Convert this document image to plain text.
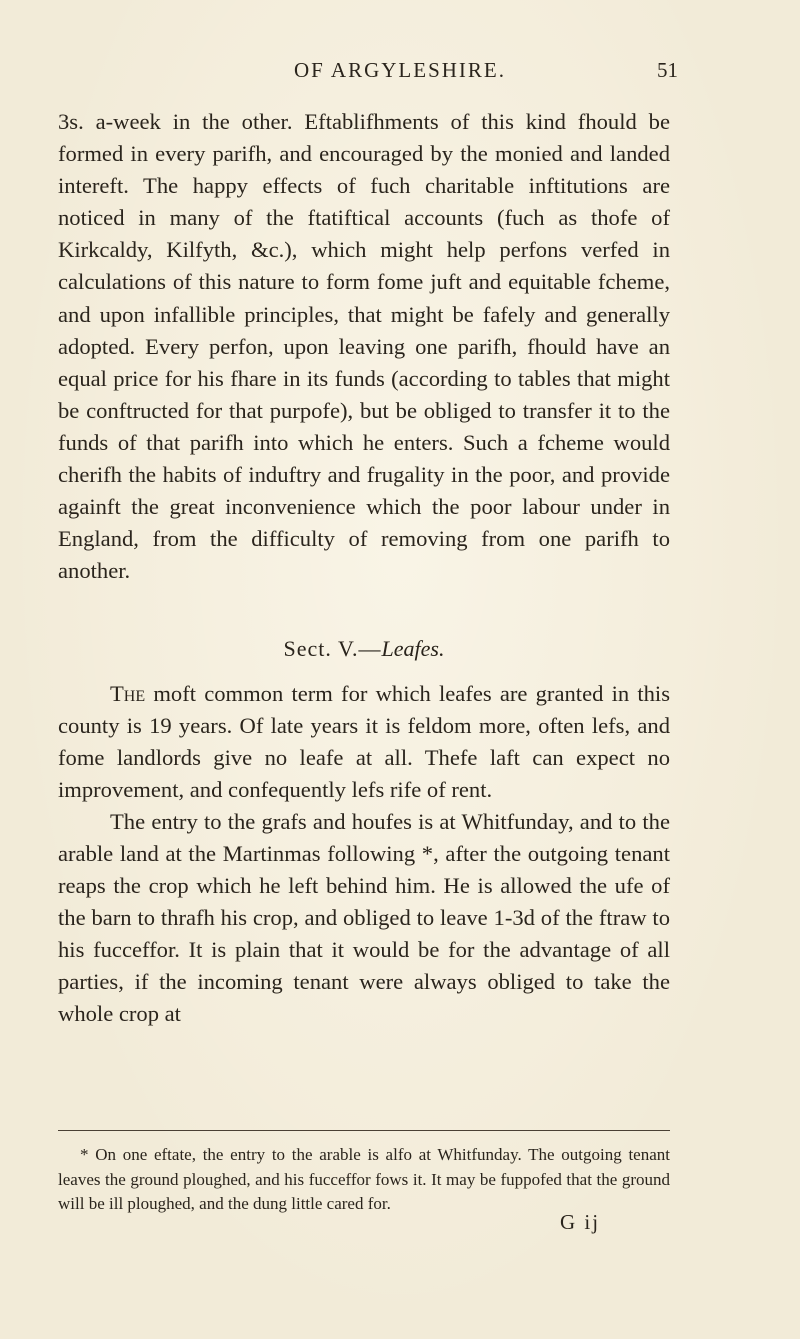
OF ARGYLESHIRE.	51

3s. a-week in the other. Eftablifhments of this kind fhould be formed in every parifh, and encouraged by the monied and landed intereft. The happy effects of fuch charitable inftitutions are noticed in many of the ftatiftical accounts (fuch as thofe of Kirkcaldy, Kilfyth, &c.), which might help perfons verfed in calculations of this nature to form fome juft and equitable fcheme, and upon infallible principles, that might be fafely and generally adopted. Every perfon, upon leaving one parifh, fhould have an equal price for his fhare in its funds (according to tables that might be conftructed for that purpofe), but be obliged to transfer it to the funds of that parifh into which he enters. Such a fcheme would cherifh the habits of induftry and frugality in the poor, and provide againft the great inconvenience which the poor labour under in England, from the difficulty of removing from one parifh to another.

Sect. V.—Leafes.

The moft common term for which leafes are granted in this county is 19 years. Of late years it is feldom more, often lefs, and fome landlords give no leafe at all. Thefe laft can expect no improvement, and confequently lefs rife of rent.

The entry to the grafs and houfes is at Whitfunday, and to the arable land at the Martinmas following *, after the outgoing tenant reaps the crop which he left behind him. He is allowed the ufe of the barn to thrafh his crop, and obliged to leave 1-3d of the ftraw to his fucceffor. It is plain that it would be for the advantage of all parties, if the incoming tenant were always obliged to take the whole crop at

* On one eftate, the entry to the arable is alfo at Whitfunday. The outgoing tenant leaves the ground ploughed, and his fucceffor fows it. It may be fuppofed that the ground will be ill ploughed, and the dung little cared for.
G ij
